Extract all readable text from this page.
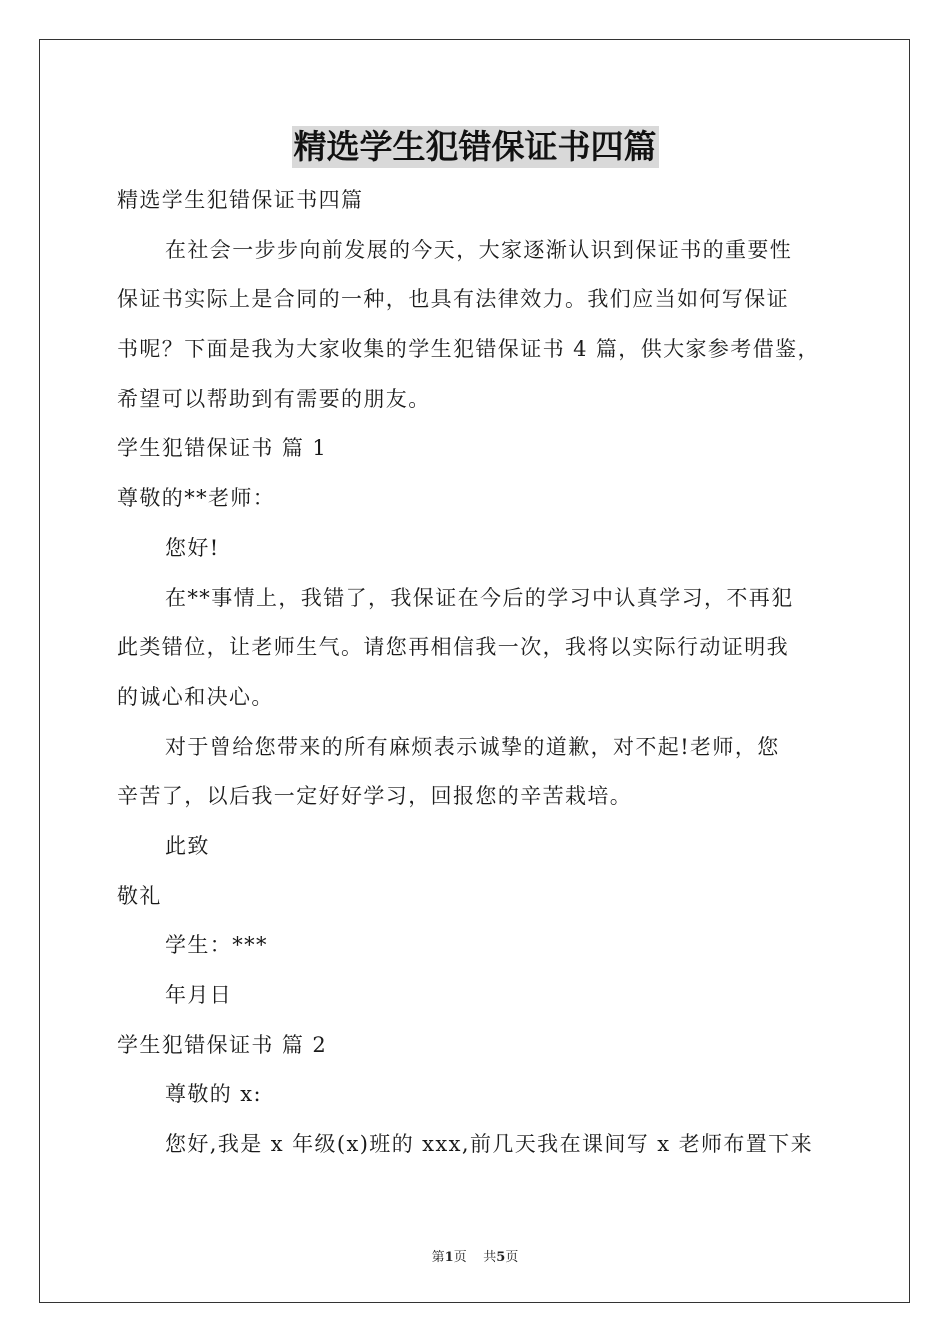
精选学生犯错保证书四篇
精选学生犯错保证书四篇
在社会一步步向前发展的今天，大家逐渐认识到保证书的重要性
保证书实际上是合同的一种，也具有法律效力。我们应当如何写保证
书呢？下面是我为大家收集的学生犯错保证书 4 篇，供大家参考借鉴，
希望可以帮助到有需要的朋友。
学生犯错保证书 篇 1
尊敬的**老师：
您好!
在**事情上，我错了，我保证在今后的学习中认真学习，不再犯
此类错位，让老师生气。请您再相信我一次，我将以实际行动证明我
的诚心和决心。
对于曾给您带来的所有麻烦表示诚挚的道歉，对不起!老师，您
辛苦了，以后我一定好好学习，回报您的辛苦栽培。
此致
敬礼
学生：***
年月日
学生犯错保证书 篇 2
尊敬的 x:
您好,我是 x 年级(x)班的 xxx,前几天我在课间写 x 老师布置下来
第1页 共5页
